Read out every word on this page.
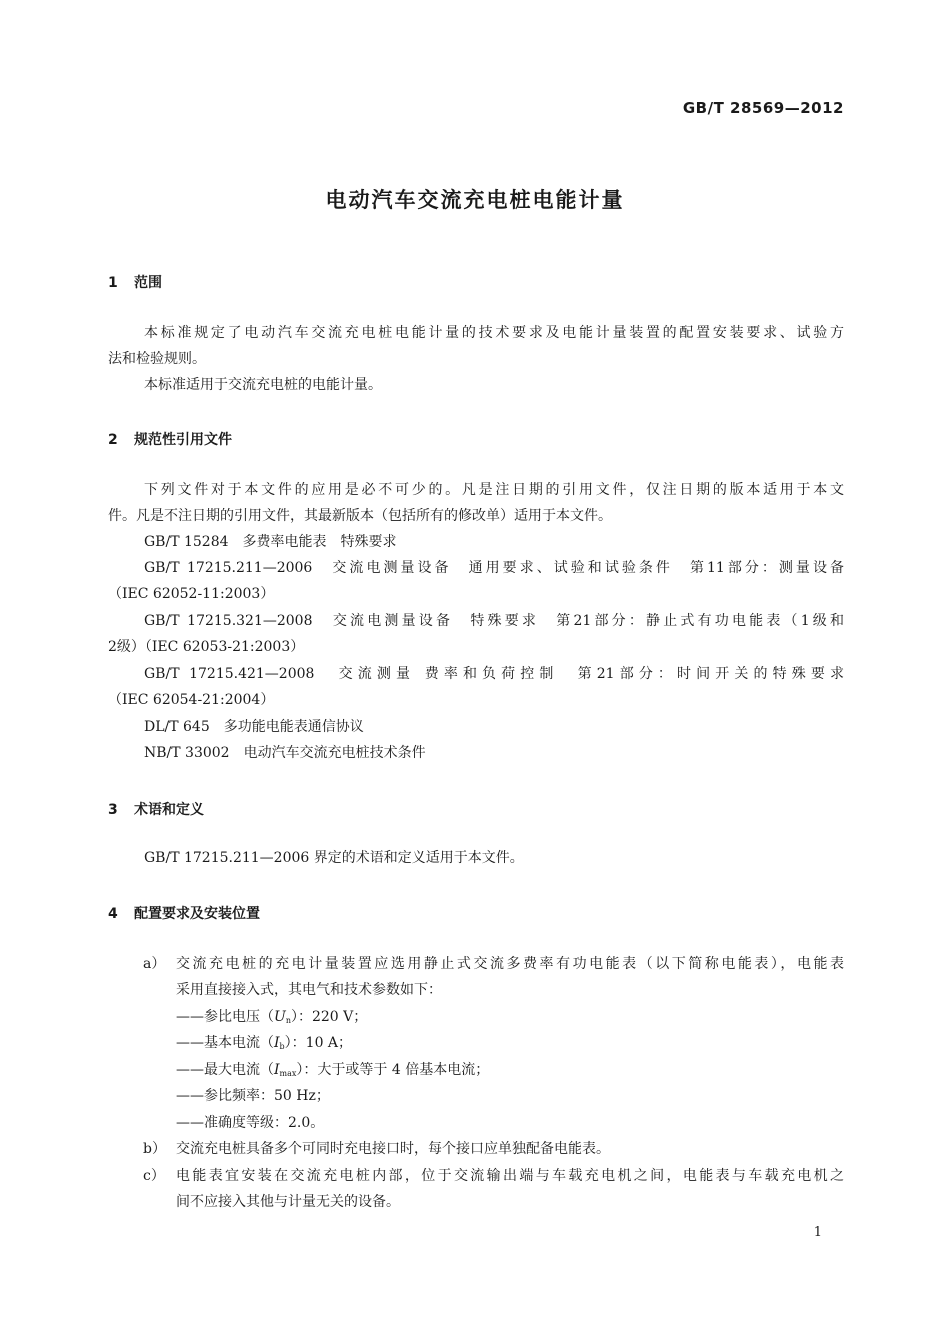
GB/T 28569—2012
电动汽车交流充电桩电能计量
1 范围
本标准规定了电动汽车交流充电桩电能计量的技术要求及电能计量装置的配置安装要求、试验方
法和检验规则。
本标准适用于交流充电桩的电能计量。
2 规范性引用文件
下列文件对于本文件的应用是必不可少的。凡是注日期的引用文件，仅注日期的版本适用于本文
件。凡是不注日期的引用文件，其最新版本（包括所有的修改单）适用于本文件。
GB/T 15284　多费率电能表　特殊要求
GB/T 17215.211—2006　交流电测量设备　通用要求、试验和试验条件　第11部分：测量设备
（IEC 62052-11:2003）
GB/T 17215.321—2008　交流电测量设备　特殊要求　第21部分：静止式有功电能表（1级和
2级）（IEC 62053-21:2003）
GB/T 17215.421—2008　交流测量 费率和负荷控制　第21部分：时间开关的特殊要求
（IEC 62054-21:2004）
DL/T 645　多功能电能表通信协议
NB/T 33002　电动汽车交流充电桩技术条件
3 术语和定义
GB/T 17215.211—2006 界定的术语和定义适用于本文件。
4 配置要求及安装位置
a） 交流充电桩的充电计量装置应选用静止式交流多费率有功电能表（以下简称电能表），电能表
采用直接接入式，其电气和技术参数如下：
——参比电压$(U_n)$：220 V；
——基本电流$(I_b)$：10 A；
——最大电流$(I_{max})$：大于或等于 4 倍基本电流；
——参比频率：50 Hz；
——准确度等级：2.0。
b） 交流充电桩具备多个可同时充电接口时，每个接口应单独配备电能表。
c） 电能表宜安装在交流充电桩内部，位于交流输出端与车载充电机之间，电能表与车载充电机之
间不应接入其他与计量无关的设备。
1
